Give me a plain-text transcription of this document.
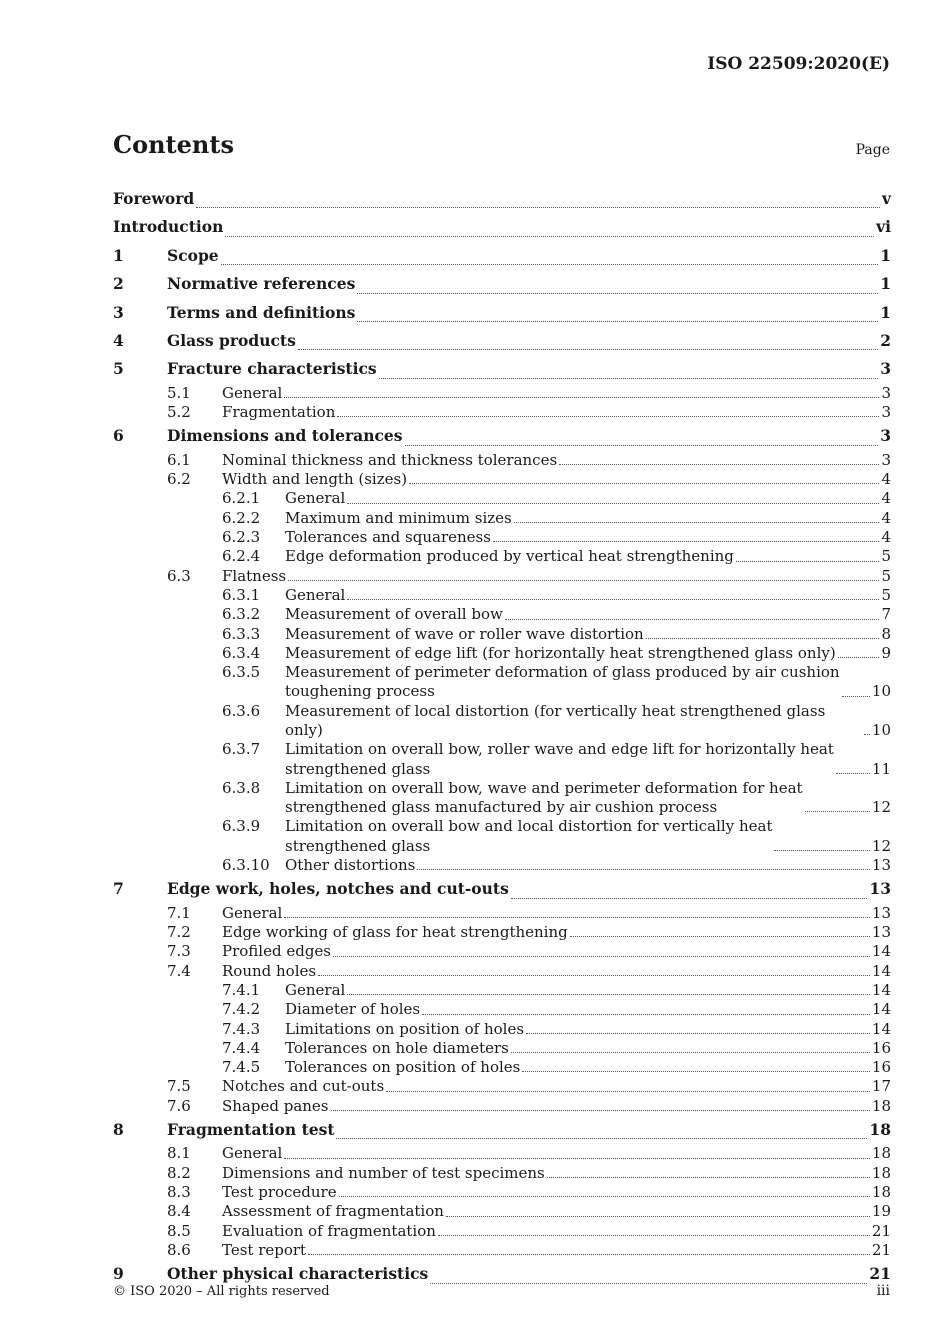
ISO 22509:2020(E)
Contents	Page
Foreword	v
Introduction	vi
1	Scope	1
2	Normative references	1
3	Terms and definitions	1
4	Glass products	2
5	Fracture characteristics	3
5.1 General	3
5.2 Fragmentation	3
6	Dimensions and tolerances	3
6.1 Nominal thickness and thickness tolerances	3
6.2 Width and length (sizes)	4
6.2.1 General	4
6.2.2 Maximum and minimum sizes	4
6.2.3 Tolerances and squareness	4
6.2.4 Edge deformation produced by vertical heat strengthening	5
6.3 Flatness	5
6.3.1 General	5
6.3.2 Measurement of overall bow	7
6.3.3 Measurement of wave or roller wave distortion	8
6.3.4 Measurement of edge lift (for horizontally heat strengthened glass only)	9
6.3.5 Measurement of perimeter deformation of glass produced by air cushion
toughening process	10
6.3.6 Measurement of local distortion (for vertically heat strengthened glass only)	10
6.3.7 Limitation on overall bow, roller wave and edge lift for horizontally heat
strengthened glass	11
6.3.8 Limitation on overall bow, wave and perimeter deformation for heat
strengthened glass manufactured by air cushion process	12
6.3.9 Limitation on overall bow and local distortion for vertically heat
strengthened glass	12
6.3.10 Other distortions	13
7	Edge work, holes, notches and cut-outs	13
7.1 General	13
7.2 Edge working of glass for heat strengthening	13
7.3 Profiled edges	14
7.4 Round holes	14
7.4.1 General	14
7.4.2 Diameter of holes	14
7.4.3 Limitations on position of holes	14
7.4.4 Tolerances on hole diameters	16
7.4.5 Tolerances on position of holes	16
7.5 Notches and cut-outs	17
7.6 Shaped panes	18
8	Fragmentation test	18
8.1 General	18
8.2 Dimensions and number of test specimens	18
8.3 Test procedure	18
8.4 Assessment of fragmentation	19
8.5 Evaluation of fragmentation	21
8.6 Test report	21
9	Other physical characteristics	21
© ISO 2020 – All rights reserved	iii
